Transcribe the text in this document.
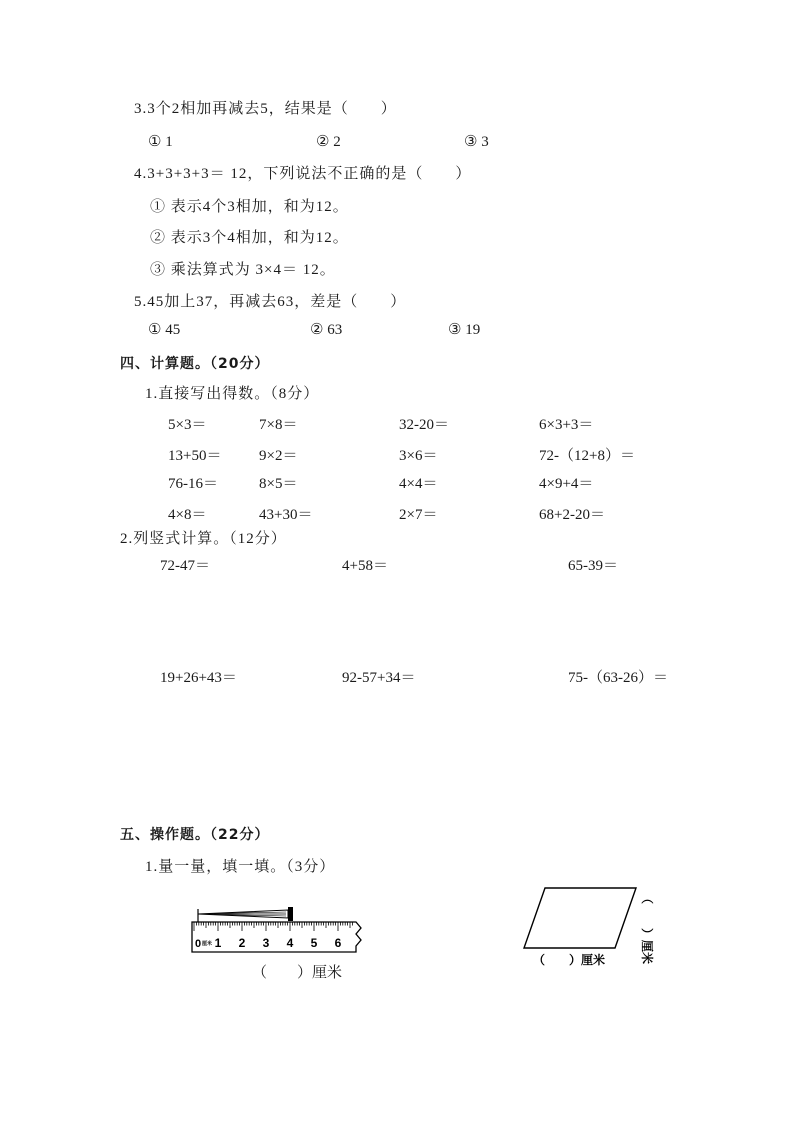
3.3个2相加再减去5，结果是（　　）
① 1	② 2	③ 3
4.3+3+3+3＝ 12，下列说法不正确的是（　　）
① 表示4个3相加，和为12。
② 表示3个4相加，和为12。
③ 乘法算式为 3×4＝ 12。
5.45加上37，再减去63，差是（　　）
① 45	② 63	③ 19
四、计算题。（20分）
1.直接写出得数。（8分）
5×3＝	7×8＝	32-20＝	6×3+3＝
13+50＝	9×2＝	3×6＝	72-（12+8）＝
76-16＝	8×5＝	4×4＝	4×9+4＝
4×8＝	43+30＝	2×7＝	68+2-20＝
2.列竖式计算。（12分）
72-47＝	4+58＝	65-39＝
19+26+43＝	92-57+34＝	75-（63-26）＝
五、操作题。（22分）
1.量一量，填一填。（3分）
0 厘米 1 2 3 4 5 6
（　　）厘米
（　　）厘米	（　　）厘米
